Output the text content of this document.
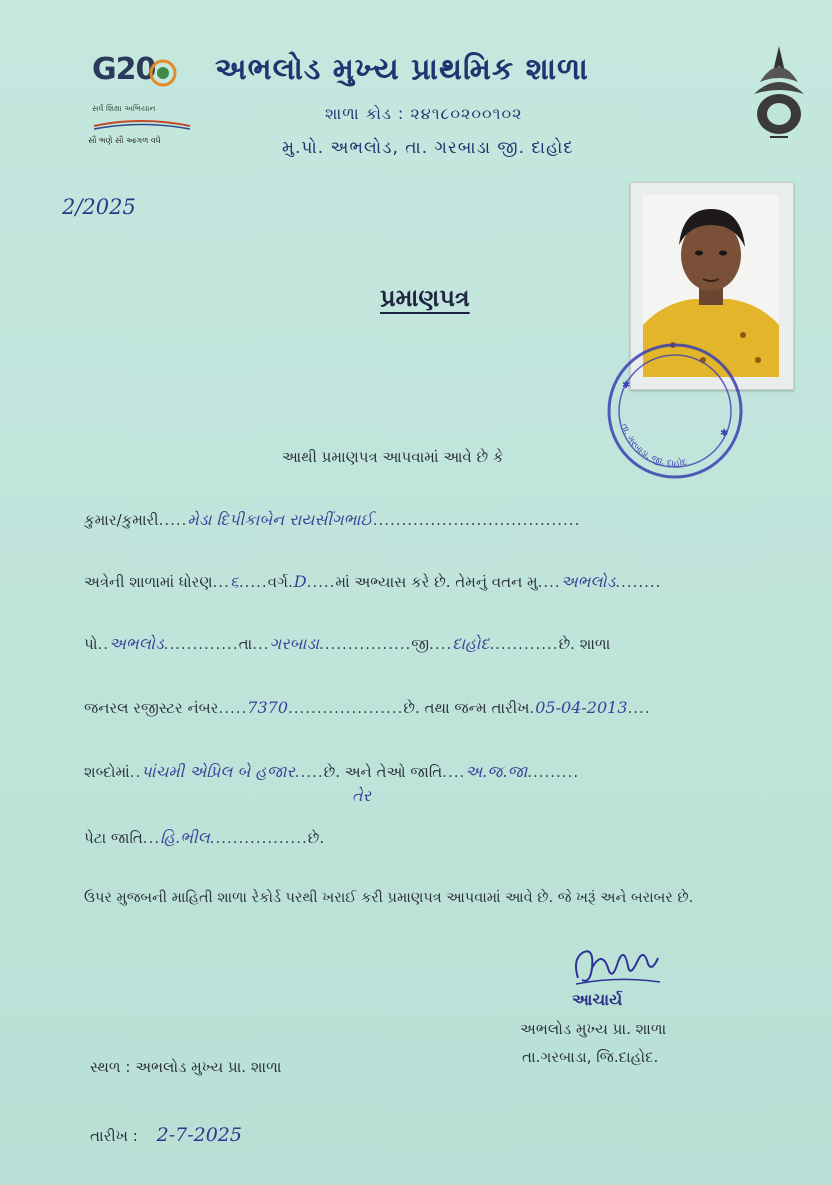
G20
સર્વ શિક્ષા અભિયાન
સૌ ભણે સૌ આગળ વધે
અભલોડ મુખ્ય પ્રાથમિક શાળા
શાળા કોડ : ૨૪૧૮૦૨૦૦૧૦૨
મુ.પો. અભલોડ, તા. ગરબાડા જી. દાહોદ
2/2025
તા. ગરબાડા, જી. દાહોદ
✱
✱
પ્રમાણપત્ર
આથી પ્રમાણપત્ર આપવામાં આવે છે કે
કુમાર/કુમારી.....મેડા દિપીકાબેન રાયસીંગભાઈ....................................
અત્રેની શાળામાં ધોરણ...૬.....વર્ગ.D.....માં અભ્યાસ કરે છે. તેમનું વતન મુ....અભલોડ........
પો..અભલોડ.............તા...ગરબાડા................જી....દાહોદ............છે. શાળા
જનરલ રજીસ્ટર નંબર.....7370....................છે. તથા જન્મ તારીખ.05-04-2013....
શબ્દોમાં..પાંચમી એપ્રિલ બે હજાર.....છે. અને તેઓ જાતિ....અ.જ.જા.........
તેર
પેટા જાતિ...હિ.ભીલ.................છે.
ઉપર મુજબની માહિતી શાળા રેકોર્ડ પરથી ખરાઈ કરી પ્રમાણપત્ર આપવામાં આવે છે. જે ખરૂં અને બરાબર છે.
આચાર્ય
અભલોડ મુખ્ય પ્રા. શાળા
તા.ગરબાડા, જિ.દાહોદ.
સ્થળ : અભલોડ મુખ્ય પ્રા. શાળા
તારીખ : 2-7-2025
